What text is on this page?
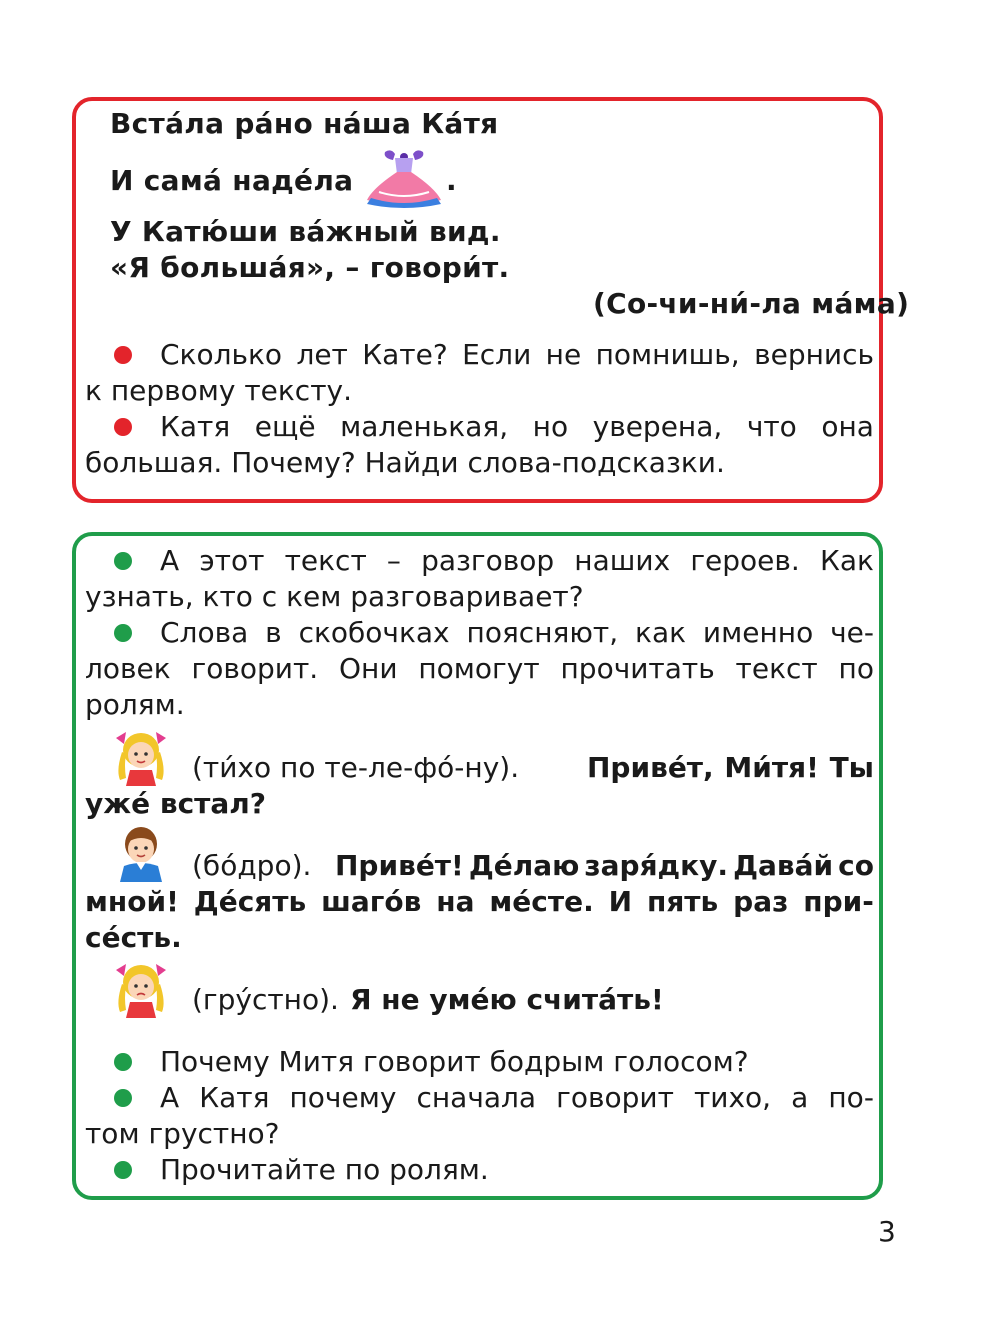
Вста́ла ра́но на́ша Ка́тя
И сама́ наде́ла	.
У Катю́ши ва́жный вид.
«Я больша́я», – говори́т.
(Со-чи-ни́-ла ма́ма)
Сколько лет Кате? Если не помнишь, вернись
к первому тексту.
Катя ещё маленькая, но уверена, что она
большая. Почему? Найди слова-подсказки.
А этот текст – разговор наших героев. Как
узнать, кто с кем разговаривает?
Слова в скобочках поясняют, как именно че-
ловек говорит. Они помогут прочитать текст по
ролям.
(ти́хо по те-ле-фо́-ну). Приве́т, Ми́тя! Ты
уже́ встал?
(бо́дро). Приве́т! Де́лаю заря́дку. Дава́й со
мной! Де́сять шаго́в на ме́сте. И пять раз при-
се́сть.
(гру́стно). Я не уме́ю счита́ть!
Почему Митя говорит бодрым голосом?
А Катя почему сначала говорит тихо, а по-
том грустно?
Прочитайте по ролям.
3
